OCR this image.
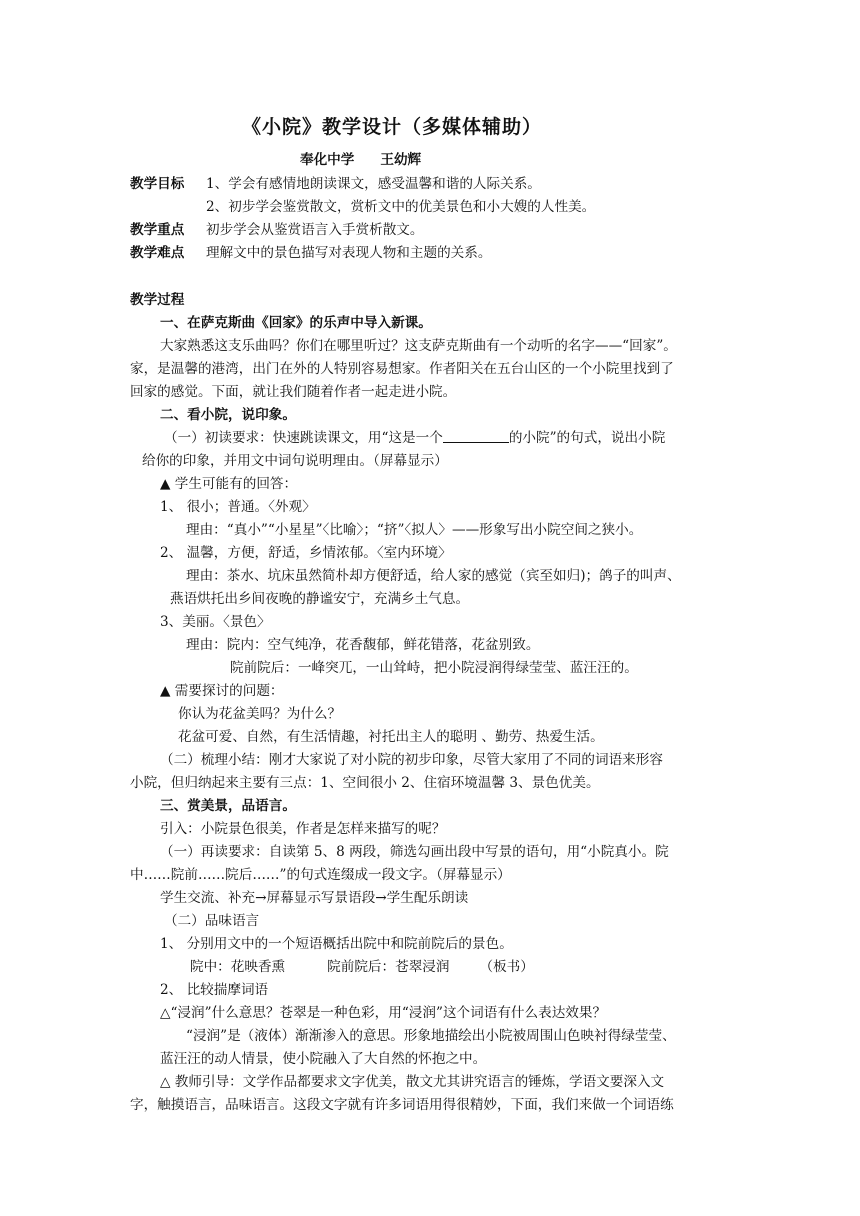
《小院》教学设计（多媒体辅助）
奉化中学 王幼辉
教学目标 1、学会有感情地朗读课文，感受温馨和谐的人际关系。
2、初步学会鉴赏散文，赏析文中的优美景色和小大嫂的人性美。
教学重点 初步学会从鉴赏语言入手赏析散文。
教学难点 理解文中的景色描写对表现人物和主题的关系。
教学过程
一、在萨克斯曲《回家》的乐声中导入新课。
大家熟悉这支乐曲吗？你们在哪里听过？这支萨克斯曲有一个动听的名字——“回家”。
家，是温馨的港湾，出门在外的人特别容易想家。作者阳关在五台山区的一个小院里找到了
回家的感觉。下面，就让我们随着作者一起走进小院。
二、看小院，说印象。
（一）初读要求：快速跳读课文，用“这是一个	的小院”的句式，说出小院
给你的印象，并用文中词句说明理由。（屏幕显示）
▲ 学生可能有的回答：
1、 很小；普通。〈外观〉
理由：“真小”“小星星”〈比喻〉；“挤”〈拟人〉——形象写出小院空间之狭小。
2、 温馨，方便，舒适，乡情浓郁。〈室内环境〉
理由：茶水、坑床虽然简朴却方便舒适，给人家的感觉（宾至如归)；鸽子的叫声、
燕语烘托出乡间夜晚的静谧安宁，充满乡土气息。
3、美丽。〈景色〉
理由：院内：空气纯净，花香馥郁，鲜花错落，花盆别致。
院前院后：一峰突兀，一山耸峙，把小院浸润得绿莹莹、蓝汪汪的。
▲ 需要探讨的问题：
你认为花盆美吗？为什么？
花盆可爱、自然，有生活情趣，衬托出主人的聪明 、勤劳、热爱生活。
（二）梳理小结：刚才大家说了对小院的初步印象，尽管大家用了不同的词语来形容
小院，但归纳起来主要有三点：1、空间很小 2、住宿环境温馨 3、景色优美。
三、赏美景，品语言。
引入：小院景色很美，作者是怎样来描写的呢？
（一）再读要求：自读第 5、8 两段，筛选勾画出段中写景的语句，用“小院真小。院
中……院前……院后……”的句式连缀成一段文字。（屏幕显示）
学生交流、补充→屏幕显示写景语段→学生配乐朗读
（二）品味语言
1、 分别用文中的一个短语概括出院中和院前院后的景色。
院中：花映香熏	院前院后：苍翠浸润 （板书）
2、 比较揣摩词语
△“浸润”什么意思？苍翠是一种色彩，用“浸润”这个词语有什么表达效果？
“浸润”是（液体）渐渐渗入的意思。形象地描绘出小院被周围山色映衬得绿莹莹、
蓝汪汪的动人情景，使小院融入了大自然的怀抱之中。
△ 教师引导：文学作品都要求文字优美，散文尤其讲究语言的锤炼，学语文要深入文
字，触摸语言，品味语言。这段文字就有许多词语用得很精妙，下面，我们来做一个词语练
